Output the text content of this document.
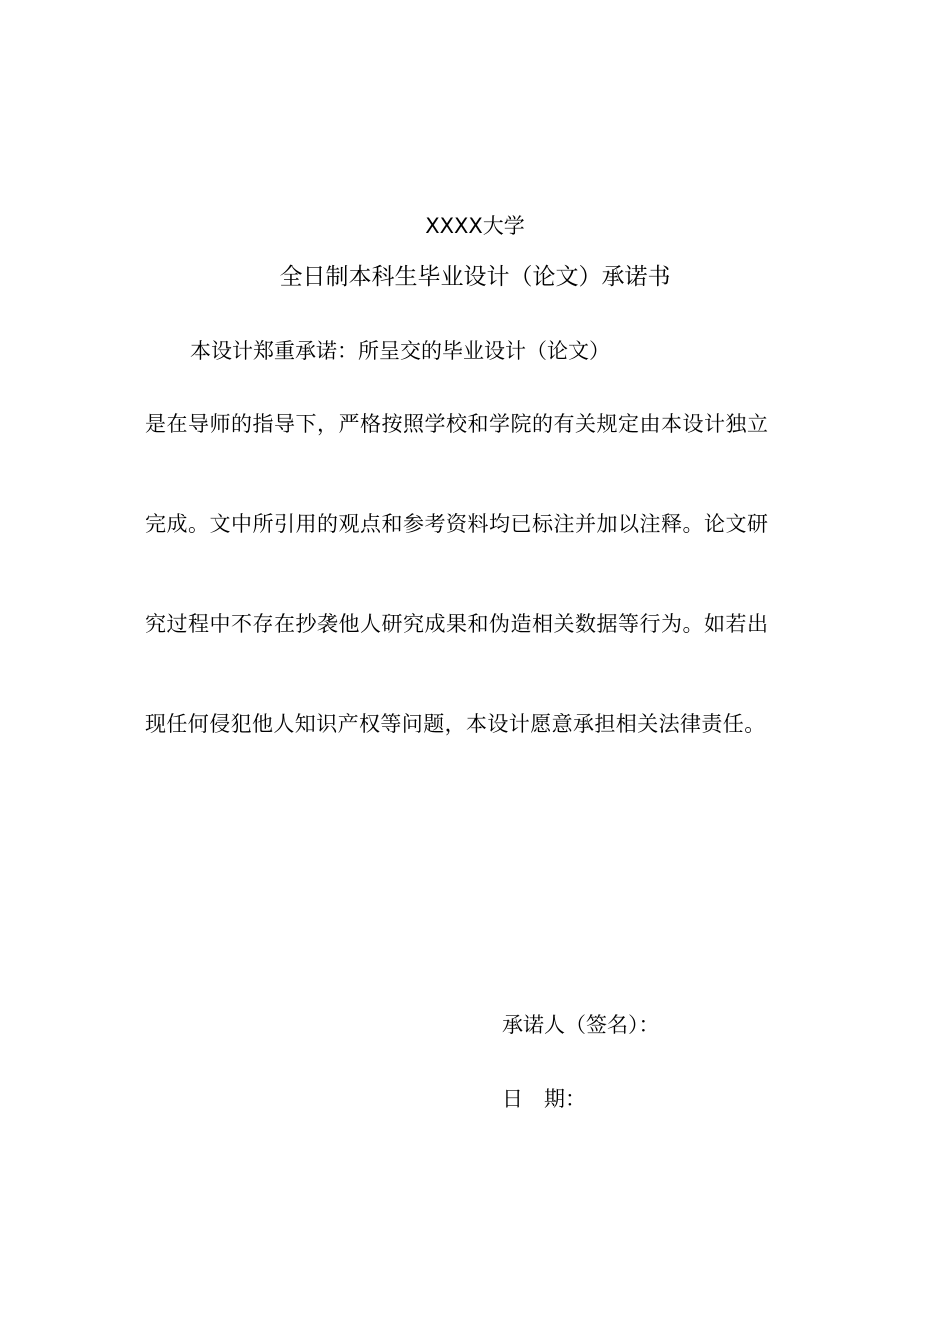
XXXX大学
全日制本科生毕业设计（论文）承诺书
本设计郑重承诺：所呈交的毕业设计（论文）
是在导师的指导下，严格按照学校和学院的有关规定由本设计独立
完成。文中所引用的观点和参考资料均已标注并加以注释。论文研
究过程中不存在抄袭他人研究成果和伪造相关数据等行为。如若出
现任何侵犯他人知识产权等问题，本设计愿意承担相关法律责任。
承诺人（签名）：
日　期：
